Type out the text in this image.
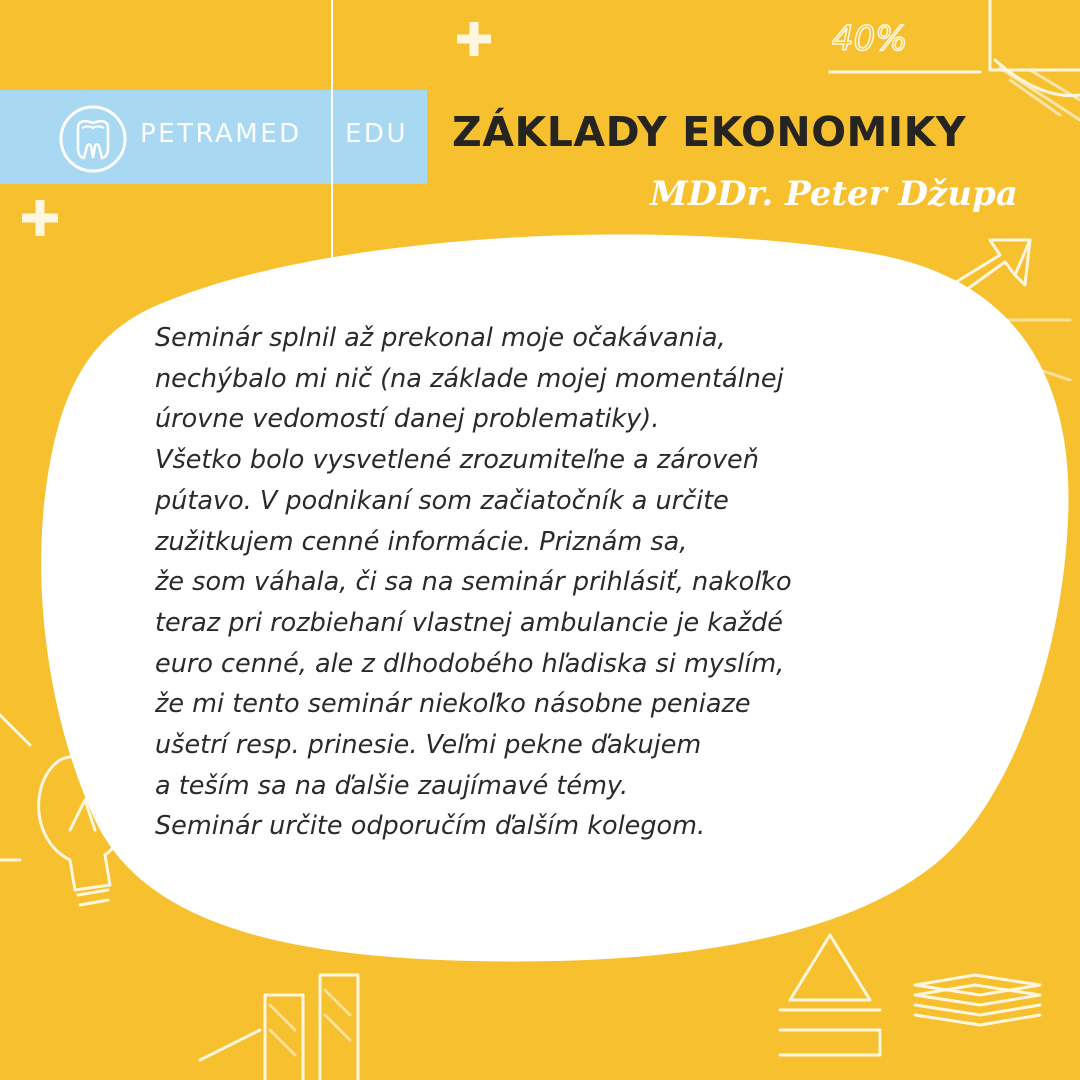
40%
PETRAMED EDU ZÁKLADY EKONOMIKY
MDDr. Peter Džupa
Seminár splnil až prekonal moje očakávania,
nechýbalo mi nič (na základe mojej momentálnej
úrovne vedomostí danej problematiky).
Všetko bolo vysvetlené zrozumiteľne a zároveň
pútavo. V podnikaní som začiatočník a určite
zužitkujem cenné informácie. Priznám sa,
že som váhala, či sa na seminár prihlásiť, nakoľko
teraz pri rozbiehaní vlastnej ambulancie je každé
euro cenné, ale z dlhodobého hľadiska si myslím,
že mi tento seminár niekoľko násobne peniaze
ušetrí resp. prinesie. Veľmi pekne ďakujem
a teším sa na ďalšie zaujímavé témy.
Seminár určite odporučím ďalším kolegom.
